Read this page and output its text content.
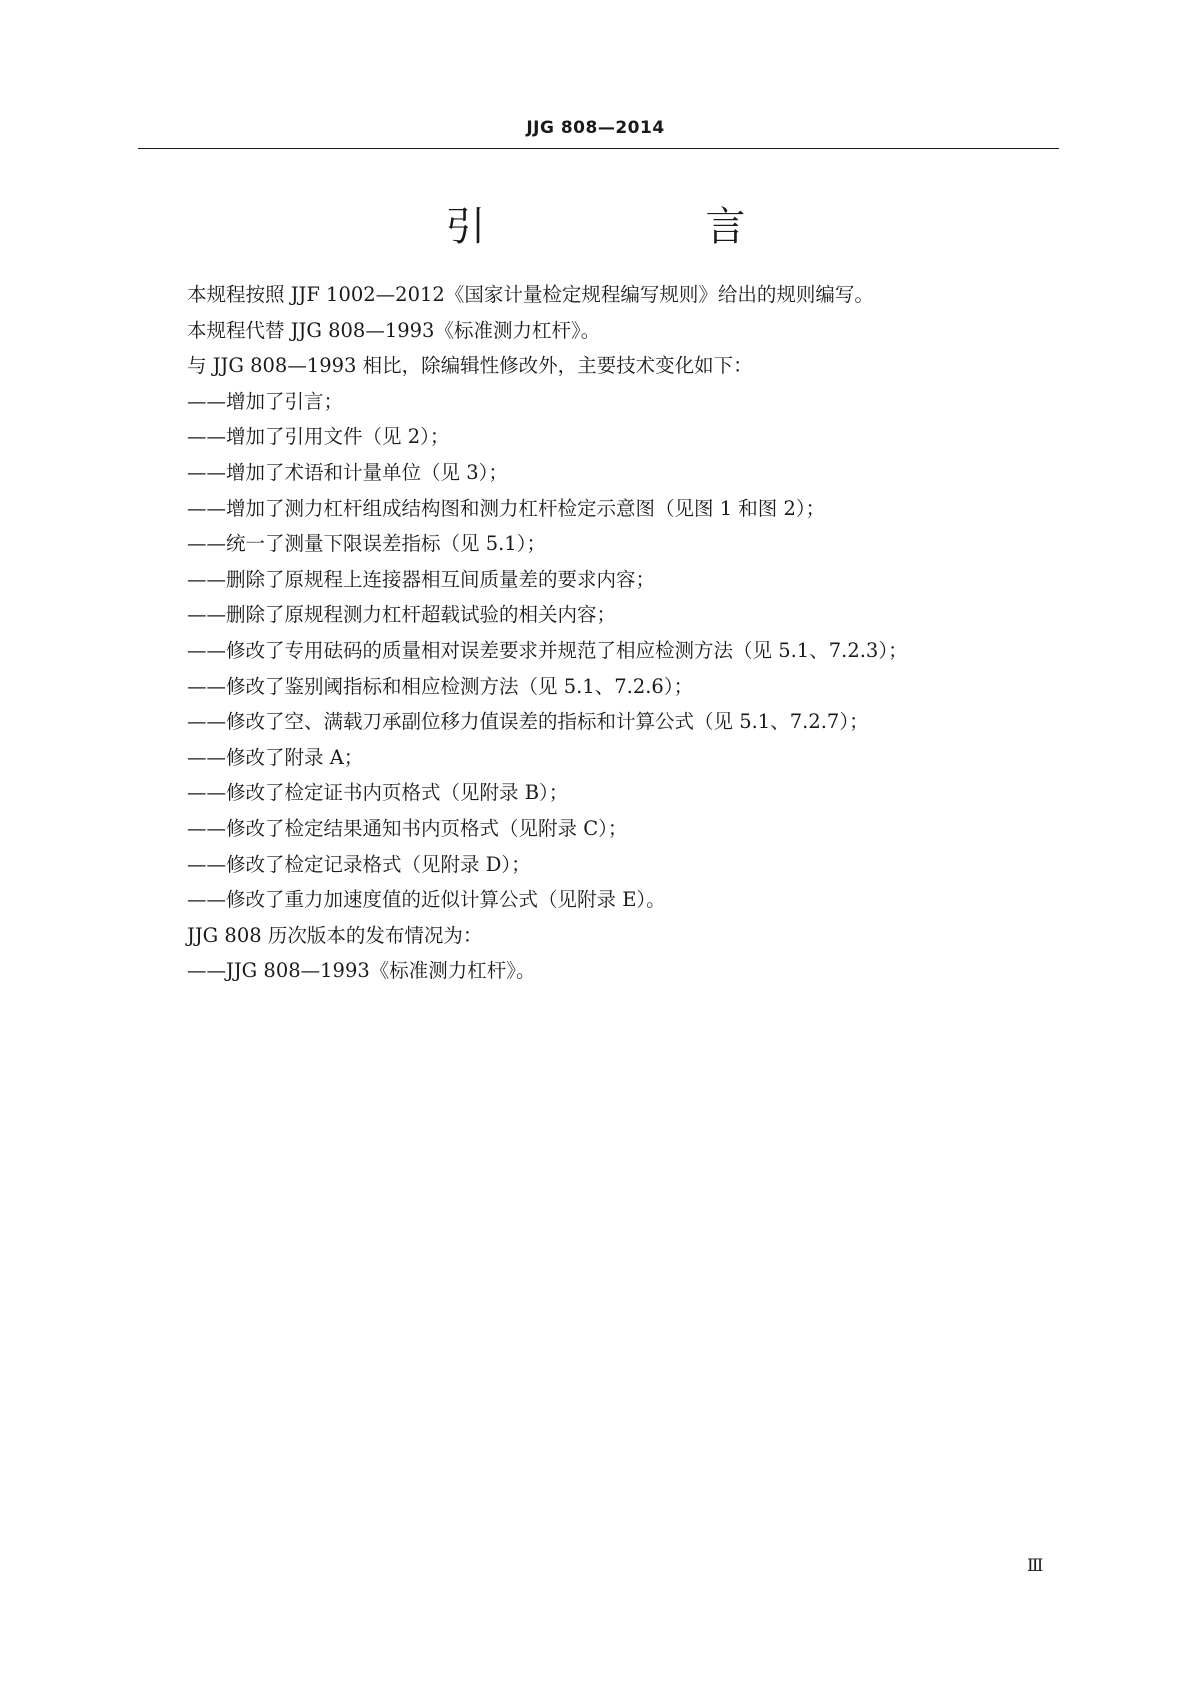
JJG 808—2014
引　言
本规程按照 JJF 1002—2012《国家计量检定规程编写规则》给出的规则编写。
本规程代替 JJG 808—1993《标准测力杠杆》。
与 JJG 808—1993 相比，除编辑性修改外，主要技术变化如下：
——增加了引言；
——增加了引用文件（见 2）；
——增加了术语和计量单位（见 3）；
——增加了测力杠杆组成结构图和测力杠杆检定示意图（见图 1 和图 2）；
——统一了测量下限误差指标（见 5.1）；
——删除了原规程上连接器相互间质量差的要求内容；
——删除了原规程测力杠杆超载试验的相关内容；
——修改了专用砝码的质量相对误差要求并规范了相应检测方法（见 5.1、7.2.3）；
——修改了鉴别阈指标和相应检测方法（见 5.1、7.2.6）；
——修改了空、满载刀承副位移力值误差的指标和计算公式（见 5.1、7.2.7）；
——修改了附录 A；
——修改了检定证书内页格式（见附录 B）；
——修改了检定结果通知书内页格式（见附录 C）；
——修改了检定记录格式（见附录 D）；
——修改了重力加速度值的近似计算公式（见附录 E）。
JJG 808 历次版本的发布情况为：
——JJG 808—1993《标准测力杠杆》。
Ⅲ
